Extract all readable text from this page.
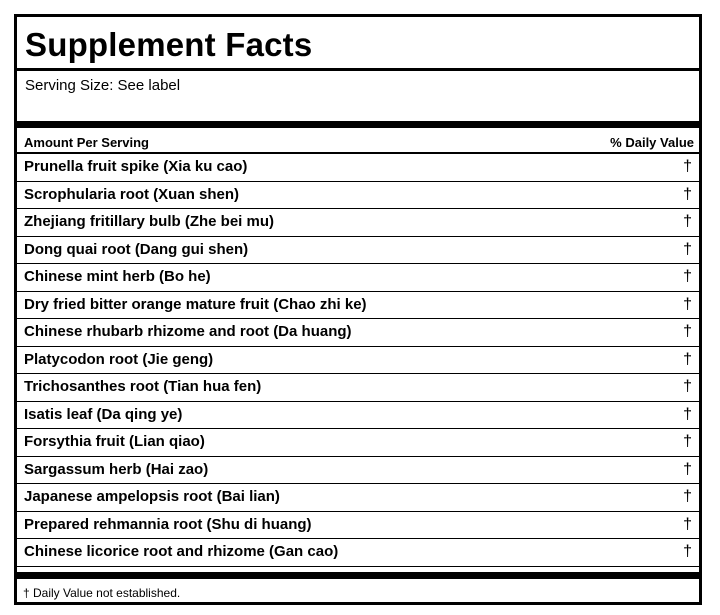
Supplement Facts
Serving Size: See label
Amount Per Serving	% Daily Value
Prunella fruit spike (Xia ku cao)	†
Scrophularia root (Xuan shen)	†
Zhejiang fritillary bulb (Zhe bei mu)	†
Dong quai root (Dang gui shen)	†
Chinese mint herb (Bo he)	†
Dry fried bitter orange mature fruit (Chao zhi ke)	†
Chinese rhubarb rhizome and root (Da huang)	†
Platycodon root (Jie geng)	†
Trichosanthes root (Tian hua fen)	†
Isatis leaf (Da qing ye)	†
Forsythia fruit (Lian qiao)	†
Sargassum herb (Hai zao)	†
Japanese ampelopsis root (Bai lian)	†
Prepared rehmannia root (Shu di huang)	†
Chinese licorice root and rhizome (Gan cao)	†
† Daily Value not established.
